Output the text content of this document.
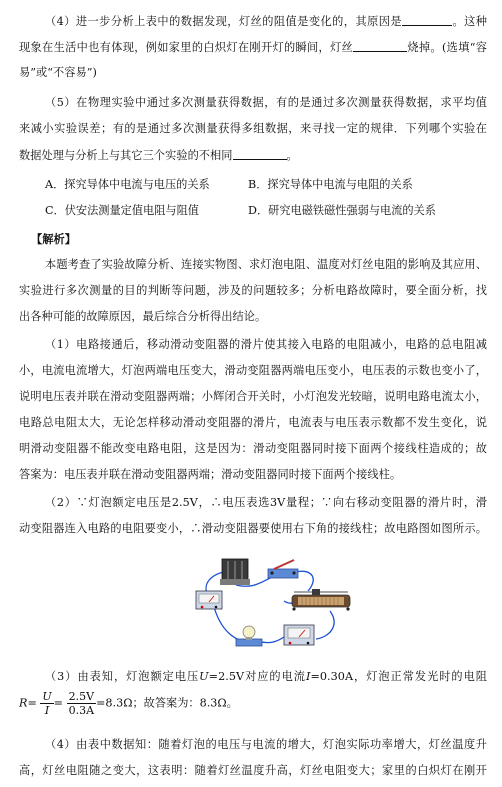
（4）进一步分析上表中的数据发现，灯丝的阻值是变化的，其原因是	。这种
现象在生活中也有体现，例如家里的白炽灯在刚开灯的瞬间，灯丝	烧掉。(选填“容
易”或“不容易”)
（5）在物理实验中通过多次测量获得数据，有的是通过多次测量获得数据，求平均值
来减小实验误差；有的是通过多次测量获得多组数据，来寻找一定的规律．下列哪个实验在
数据处理与分析上与其它三个实验的不相同	。
A．探究导体中电流与电压的关系	B．探究导体中电流与电阻的关系
C．伏安法测量定值电阻与阻值	D．研究电磁铁磁性强弱与电流的关系
【解析】
本题考查了实验故障分析、连接实物图、求灯泡电阻、温度对灯丝电阻的影响及其应用、
实验进行多次测量的目的判断等问题，涉及的问题较多；分析电路故障时，要全面分析，找
出各种可能的故障原因，最后综合分析得出结论。
（1）电路接通后，移动滑动变阻器的滑片使其接入电路的电阻减小，电路的总电阻减
小，电流电流增大，灯泡两端电压变大，滑动变阻器两端电压变小，电压表的示数也变小了，
说明电压表并联在滑动变阻器两端；小辉闭合开关时，小灯泡发光较暗，说明电路电流太小，
电路总电阻太大，无论怎样移动滑动变阻器的滑片，电流表与电压表示数都不发生变化，说
明滑动变阻器不能改变电路电阻，这是因为：滑动变阻器同时接下面两个接线柱造成的；故
答案为：电压表并联在滑动变阻器两端；滑动变阻器同时接下面两个接线柱。
（2）∵灯泡额定电压是2.5V，∴电压表选3V量程；∵向右移动变阻器的滑片时，滑
动变阻器连入电路的电阻要变小，∴滑动变阻器要使用右下角的接线柱；故电路图如图所示。
（3）由表知，灯泡额定电压U=2.5V对应的电流I=0.30A，灯泡正常发光时的电阻
$R= \frac{U}{I} = \frac{2.5V}{0.3A} =8.3\Omega$；故答案为：8.3Ω。
（4）由表中数据知：随着灯泡的电压与电流的增大，灯泡实际功率增大，灯丝温度升
高，灯丝电阻随之变大，这表明：随着灯丝温度升高，灯丝电阻变大；家里的白炽灯在刚开
